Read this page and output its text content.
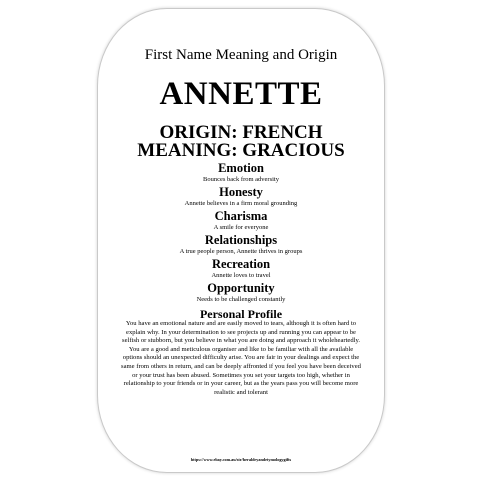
First Name Meaning and Origin
ANNETTE
ORIGIN: FRENCH
MEANING: GRACIOUS
Emotion
Bounces back from adversity
Honesty
Annette believes in a firm moral grounding
Charisma
A smile for everyone
Relationships
A true people person, Annette thrives in groups
Recreation
Annette loves to travel
Opportunity
Needs to be challenged constantly
Personal Profile
You have an emotional nature and are easily moved to tears, although it is often hard to explain why. In your determination to see projects up and running you can appear to be selfish or stubborn, but you believe in what you are doing and approach it wholeheartedly. You are a good and meticulous organiser and like to be familiar with all the available options should an unexpected difficulty arise. You are fair in your dealings and expect the same from others in return, and can be deeply affronted if you feel you have been deceived or your trust has been abused. Sometimes you set your targets too high, whether in relationship to your friends or in your career, but as the years pass you will become more realistic and tolerant
https://www.ebay.com.au/str/heraldryandetymologygifts
